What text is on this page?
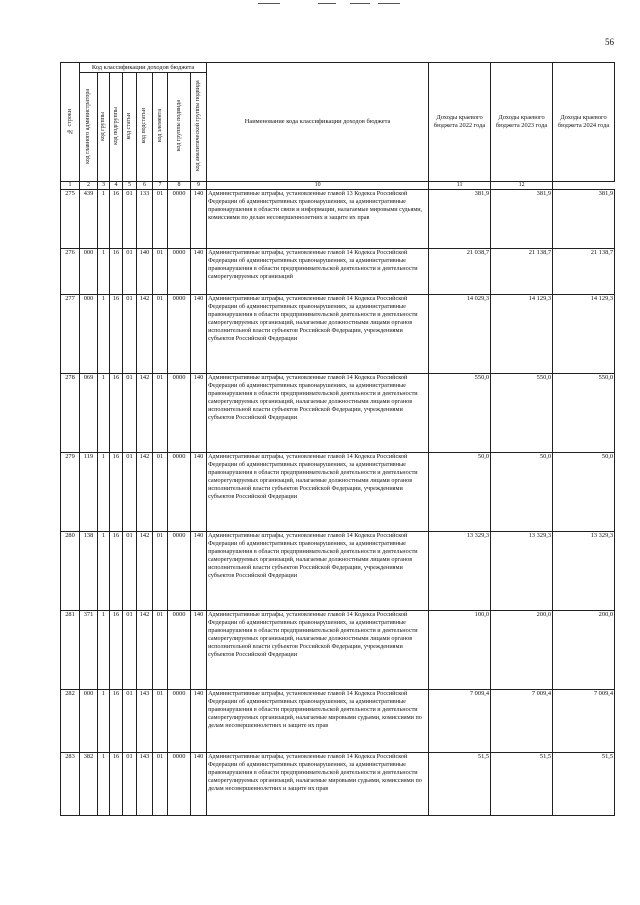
56
№ строки	Код классификации доходов бюджета								Наименование кода классификации доходов бюджета	Доходы краевого бюджета 2022 года	Доходы краевого бюджета 2023 года	Доходы краевого бюджета 2024 года
	код главного администратора	код группы	код подгруппы	код статьи	код подстатьи	код элемента	код группы подвида	код аналитической группы подвида				
1	2	3	4	5	6	7	8	9	10	11	12	
275	439	1	16	01	133	01	0000	140	Административные штрафы, установленные главой 13 Кодекса Российской Федерации об административных правонарушениях, за административные правонарушения в области связи и информации, налагаемые мировыми судьями, комиссиями по делам несовершеннолетних и защите их прав	381,9	381,9	381,9
276	000	1	16	01	140	01	0000	140	Административные штрафы, установленные главой 14 Кодекса Российской Федерации об административных правонарушениях, за административные правонарушения в области предпринимательской деятельности и деятельности саморегулируемых организаций	21 038,7	21 138,7	21 138,7
277	000	1	16	01	142	01	0000	140	Административные штрафы, установленные главой 14 Кодекса Российской Федерации об административных правонарушениях, за административные правонарушения в области предпринимательской деятельности и деятельности саморегулируемых организаций, налагаемые должностными лицами органов исполнительной власти субъектов Российской Федерации, учреждениями субъектов Российской Федерации	14 029,3	14 129,3	14 129,3
278	069	1	16	01	142	01	0000	140	Административные штрафы, установленные главой 14 Кодекса Российской Федерации об административных правонарушениях, за административные правонарушения в области предпринимательской деятельности и деятельности саморегулируемых организаций, налагаемые должностными лицами органов исполнительной власти субъектов Российской Федерации, учреждениями субъектов Российской Федерации	550,0	550,0	550,0
279	119	1	16	01	142	01	0000	140	Административные штрафы, установленные главой 14 Кодекса Российской Федерации об административных правонарушениях, за административные правонарушения в области предпринимательской деятельности и деятельности саморегулируемых организаций, налагаемые должностными лицами органов исполнительной власти субъектов Российской Федерации, учреждениями субъектов Российской Федерации	50,0	50,0	50,0
280	138	1	16	01	142	01	0000	140	Административные штрафы, установленные главой 14 Кодекса Российской Федерации об административных правонарушениях, за административные правонарушения в области предпринимательской деятельности и деятельности саморегулируемых организаций, налагаемые должностными лицами органов исполнительной власти субъектов Российской Федерации, учреждениями субъектов Российской Федерации	13 329,3	13 329,3	13 329,3
281	371	1	16	01	142	01	0000	140	Административные штрафы, установленные главой 14 Кодекса Российской Федерации об административных правонарушениях, за административные правонарушения в области предпринимательской деятельности и деятельности саморегулируемых организаций, налагаемые должностными лицами органов исполнительной власти субъектов Российской Федерации, учреждениями субъектов Российской Федерации	100,0	200,0	200,0
282	000	1	16	01	143	01	0000	140	Административные штрафы, установленные главой 14 Кодекса Российской Федерации об административных правонарушениях, за административные правонарушения в области предпринимательской деятельности и деятельности саморегулируемых организаций, налагаемые мировыми судьями, комиссиями по делам несовершеннолетних и защите их прав	7 009,4	7 009,4	7 009,4
283	382	1	16	01	143	01	0000	140	Административные штрафы, установленные главой 14 Кодекса Российской Федерации об административных правонарушениях, за административные правонарушения в области предпринимательской деятельности и деятельности саморегулируемых организаций, налагаемые мировыми судьями, комиссиями по делам несовершеннолетних и защите их прав	51,5	51,5	51,5
